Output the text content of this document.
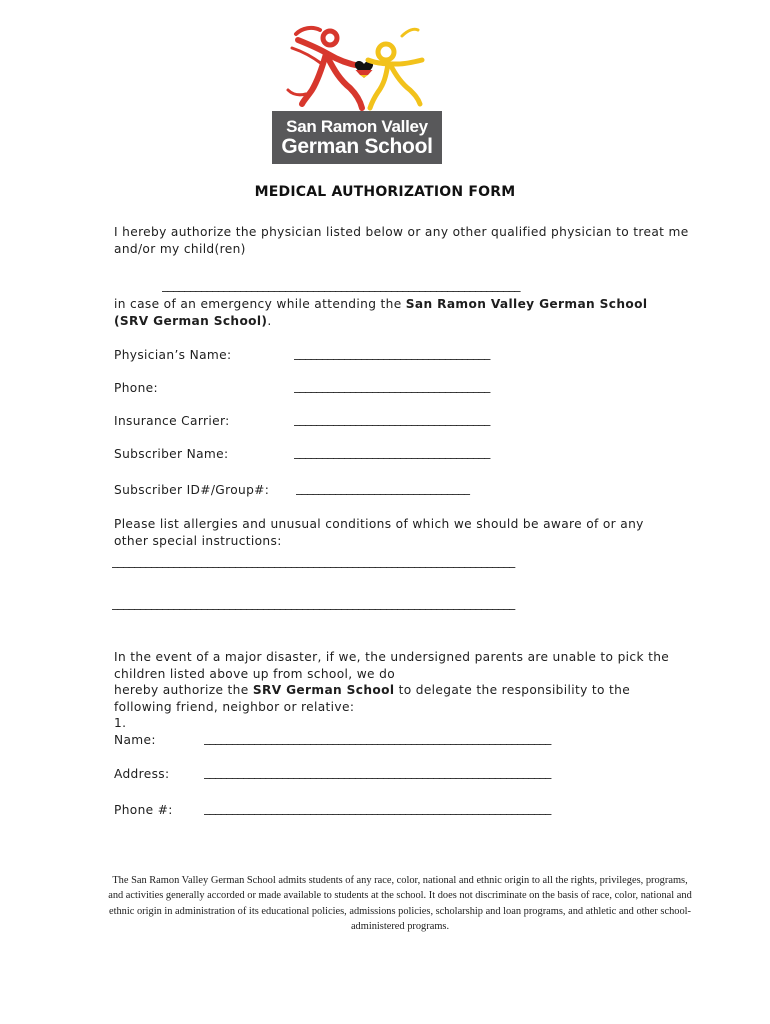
San Ramon Valley
German School
MEDICAL AUTHORIZATION FORM
I hereby authorize the physician listed below or any other qualified physician to treat me
and/or my child(ren)
________________________________________________________________
in case of an emergency while attending the San Ramon Valley German School
(SRV German School).
Physician’s Name:	___________________________________
Phone:	___________________________________
Insurance Carrier:	___________________________________
Subscriber Name:	___________________________________
Subscriber ID#/Group#: _______________________________
Please list allergies and unusual conditions of which we should be aware of or any
other special instructions:
________________________________________________________________________
________________________________________________________________________
In the event of a major disaster, if we, the undersigned parents are unable to pick the
children listed above up from school, we do
hereby authorize the SRV German School to delegate the responsibility to the
following friend, neighbor or relative:
1.
Name:	______________________________________________________________
Address:	______________________________________________________________
Phone #:	______________________________________________________________
The San Ramon Valley German School admits students of any race, color, national and ethnic origin to all the rights, privileges, programs, and activities generally accorded or made available to students at the school. It does not discriminate on the basis of race, color, national and ethnic origin in administration of its educational policies, admissions policies, scholarship and loan programs, and athletic and other school-administered programs.
